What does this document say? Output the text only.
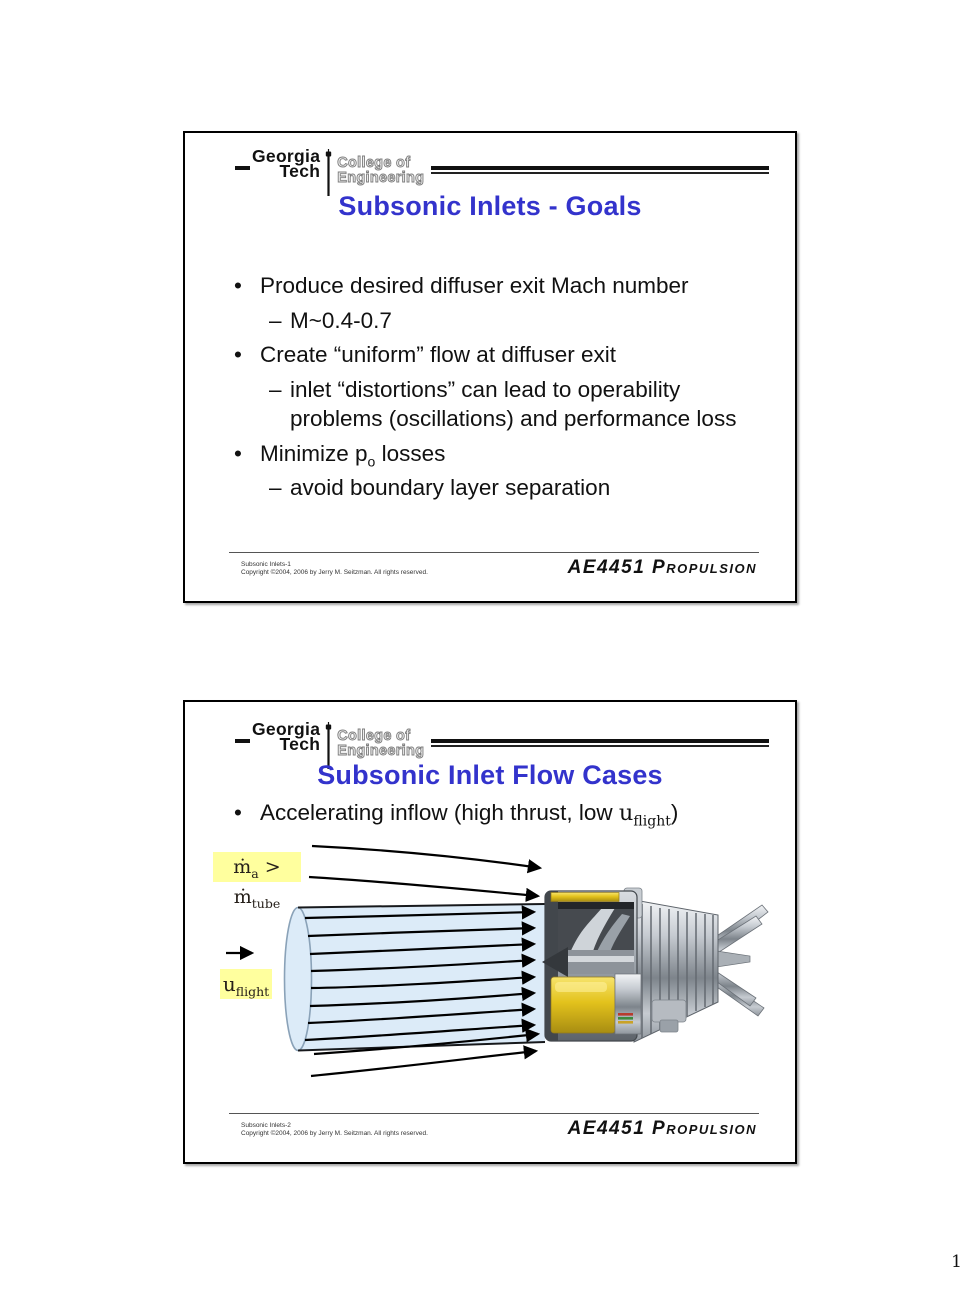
Georgia
Tech College of
Engineering
Subsonic Inlets - Goals
• Produce desired diffuser exit Mach number
– M~0.4-0.7
• Create “uniform” flow at diffuser exit
– inlet “distortions” can lead to operability problems (oscillations) and performance loss
• Minimize $p_o$ losses
– avoid boundary layer separation
Subsonic Inlets-1
Copyright ©2004, 2006 by Jerry M. Seitzman. All rights reserved.	AE4451 Propulsion
Georgia
Tech College of
Engineering
Subsonic Inlet Flow Cases
• Accelerating inflow (high thrust, low $u_{flight}$)
ṁ$_a$ > ṁ$_{tube}$
$u_{flight}$
Subsonic Inlets-2
Copyright ©2004, 2006 by Jerry M. Seitzman. All rights reserved.	AE4451 Propulsion
1
